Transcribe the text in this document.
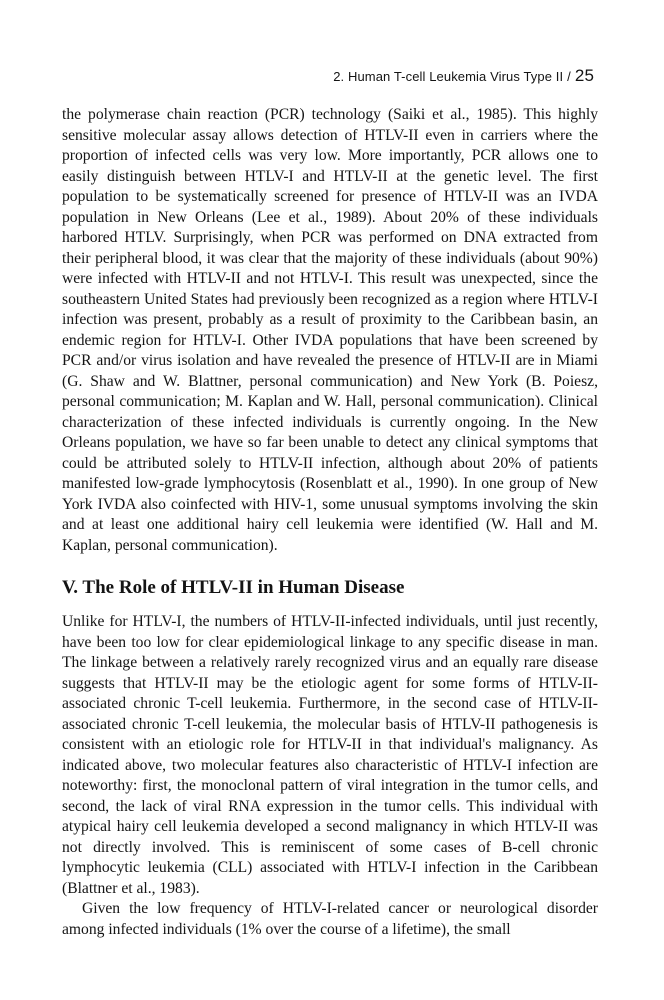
2. Human T-cell Leukemia Virus Type II / 25

the polymerase chain reaction (PCR) technology (Saiki et al., 1985). This highly sensitive molecular assay allows detection of HTLV-II even in carriers where the proportion of infected cells was very low. More importantly, PCR allows one to easily distinguish between HTLV-I and HTLV-II at the genetic level. The first population to be systematically screened for presence of HTLV-II was an IVDA population in New Orleans (Lee et al., 1989). About 20% of these individuals harbored HTLV. Surprisingly, when PCR was performed on DNA extracted from their peripheral blood, it was clear that the majority of these individuals (about 90%) were infected with HTLV-II and not HTLV-I. This result was unexpected, since the southeastern United States had previously been recognized as a region where HTLV-I infection was present, probably as a result of proximity to the Caribbean basin, an endemic region for HTLV-I. Other IVDA populations that have been screened by PCR and/or virus isolation and have revealed the presence of HTLV-II are in Miami (G. Shaw and W. Blattner, personal communication) and New York (B. Poiesz, personal communication; M. Kaplan and W. Hall, personal communication). Clinical characterization of these infected individuals is currently ongoing. In the New Orleans population, we have so far been unable to detect any clinical symptoms that could be attributed solely to HTLV-II infection, although about 20% of patients manifested low-grade lymphocytosis (Rosenblatt et al., 1990). In one group of New York IVDA also coinfected with HIV-1, some unusual symptoms involving the skin and at least one additional hairy cell leukemia were identified (W. Hall and M. Kaplan, personal communication).

V. The Role of HTLV-II in Human Disease

Unlike for HTLV-I, the numbers of HTLV-II-infected individuals, until just recently, have been too low for clear epidemiological linkage to any specific disease in man. The linkage between a relatively rarely recognized virus and an equally rare disease suggests that HTLV-II may be the etiologic agent for some forms of HTLV-II-associated chronic T-cell leukemia. Furthermore, in the second case of HTLV-II-associated chronic T-cell leukemia, the molecular basis of HTLV-II pathogenesis is consistent with an etiologic role for HTLV-II in that individual's malignancy. As indicated above, two molecular features also characteristic of HTLV-I infection are noteworthy: first, the monoclonal pattern of viral integration in the tumor cells, and second, the lack of viral RNA expression in the tumor cells. This individual with atypical hairy cell leukemia developed a second malignancy in which HTLV-II was not directly involved. This is reminiscent of some cases of B-cell chronic lymphocytic leukemia (CLL) associated with HTLV-I infection in the Caribbean (Blattner et al., 1983).

Given the low frequency of HTLV-I-related cancer or neurological disorder among infected individuals (1% over the course of a lifetime), the small
